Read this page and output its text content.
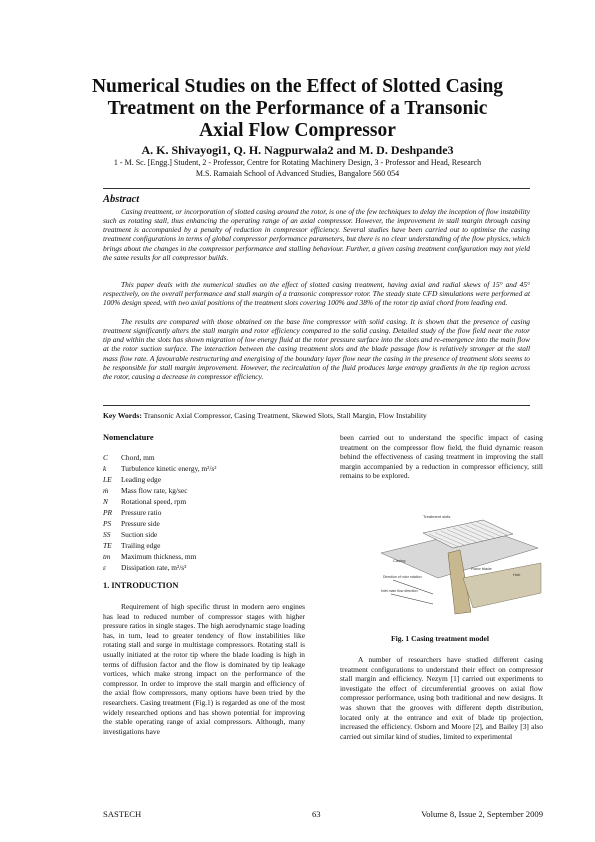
Numerical Studies on the Effect of Slotted Casing
Treatment on the Performance of a Transonic
Axial Flow Compressor
A. K. Shivayogi1, Q. H. Nagpurwala2 and M. D. Deshpande3
1 - M. Sc. [Engg.] Student, 2 - Professor, Centre for Rotating Machinery Design, 3 - Professor and Head, Research
M.S. Ramaiah School of Advanced Studies, Bangalore 560 054
Abstract

Casing treatment, or incorporation of slotted casing around the rotor, is one of the few techniques to delay the inception of flow instability such as rotating stall, thus enhancing the operating range of an axial compressor. However, the improvement in stall margin through casing treatment is accompanied by a penalty of reduction in compressor efficiency. Several studies have been carried out to optimise the casing treatment configurations in terms of global compressor performance parameters, but there is no clear understanding of the flow physics, which brings about the changes in the compressor performance and stalling behaviour. Further, a given casing treatment configuration may not yield the same results for all compressor builds.

This paper deals with the numerical studies on the effect of slotted casing treatment, having axial and radial skews of 15° and 45° respectively, on the overall performance and stall margin of a transonic compressor rotor. The steady state CFD simulations were performed at 100% design speed, with two axial positions of the treatment slots covering 100% and 38% of the rotor tip axial chord from leading end.

The results are compared with those obtained on the base line compressor with solid casing. It is shown that the presence of casing treatment significantly alters the stall margin and rotor efficiency compared to the solid casing. Detailed study of the flow field near the rotor tip and within the slots has shown migration of low energy fluid at the rotor pressure surface into the slots and re-emergence into the main flow at the rotor suction surface. The interaction between the casing treatment slots and the blade passage flow is relatively stronger at the stall mass flow rate. A favourable restructuring and energising of the boundary layer flow near the casing in the presence of treatment slots seems to be responsible for stall margin improvement. However, the recirculation of the fluid produces large entropy gradients in the tip region across the rotor, causing a decrease in compressor efficiency.

Key Words: Transonic Axial Compressor, Casing Treatment, Skewed Slots, Stall Margin, Flow Instability
Nomenclature
C Chord, mm
k Turbulence kinetic energy, m²/s²
LE Leading edge
ṁ Mass flow rate, kg/sec
N Rotational speed, rpm
PR Pressure ratio
PS Pressure side
SS Suction side
TE Trailing edge
tm Maximum thickness, mm
ε Dissipation rate, m²/s³
1. INTRODUCTION
Requirement of high specific thrust in modern aero engines has lead to reduced number of compressor stages with higher pressure ratios in single stages. The high aerodynamic stage loading has, in turn, lead to greater tendency of flow instabilities like rotating stall and surge in multistage compressors. Rotating stall is usually initiated at the rotor tip where the blade loading is high in terms of diffusion factor and the flow is dominated by tip leakage vortices, which make strong impact on the performance of the compressor. In order to improve the stall margin and efficiency of the axial flow compressors, many options have been tried by the researchers. Casing treatment (Fig.1) is regarded as one of the most widely researched options and has shown potential for improving the stable operating range of axial compressors. Although, many investigations have
been carried out to understand the specific impact of casing treatment on the compressor flow field, the fluid dynamic reason behind the effectiveness of casing treatment in improving the stall margin accompanied by a reduction in compressor efficiency, still remains to be explored.
Treatment slots
Casing
Rotor blade
Hub
Direction of rotor rotation
Inlet main flow direction
Fig. 1 Casing treatment model
A number of researchers have studied different casing treatment configurations to understand their effect on compressor stall margin and efficiency. Nezym [1] carried out experiments to investigate the effect of circumferential grooves on axial flow compressor performance, using both traditional and new designs. It was shown that the grooves with different depth distribution, located only at the entrance and exit of blade tip projection, increased the efficiency. Osborn and Moore [2], and Bailey [3] also carried out similar kind of studies, limited to experimental
SASTECH	63	Volume 8, Issue 2, September 2009
